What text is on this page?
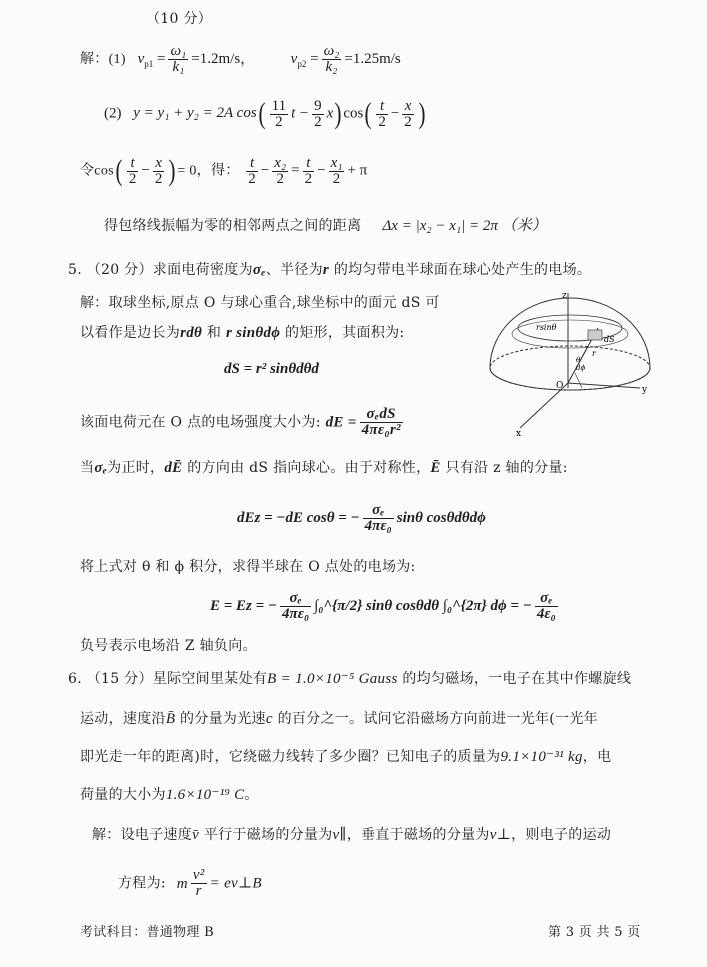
（10 分）
解：(1) $v_{p1} = \frac{\text{ω₁}}{\text{k₁}} =1.2m/s$， $v_{p2} = \frac{\text{ω₂}}{\text{k₂}} =1.25m/s$
(2) y = y₁ + y₂ = 2A $\cos( \frac{11}{2}$ $t - \frac{9}{2} x$) $\cos( \frac{t}{2} - \frac{x}{2}$ )
令$\cos( \frac{t}{2} - \frac{x}{2}$ ) = 0，得： $\frac{t}{2} - \frac{\text{x₂}}{2} = \frac{t}{2} - \frac{\text{x₁}}{2} + \pi$
得包络线振幅为零的相邻两点之间的距离 Δx = |x₂ − x₁| = 2π （米）
5. （20 分）求面电荷密度为σₑ、半径为r 的均匀带电半球面在球心处产生的电场。
解：取球坐标,原点 O 与球心重合,球坐标中的面元 dS 可
以看作是边长为rdθ 和 r sinθdϕ 的矩形，其面积为:
dS = r² sinθdθd
该面电荷元在 O 点的电场强度大小为: dE = $\frac{\text{σₑdS}}{\text{4πε₀r²}}$
z
y
x
O
rsinθ
dS
r
dϕ
θ
当σₑ为正时，dĒ 的方向由 dS 指向球心。由于对称性，Ē 只有沿 z 轴的分量:
dEz = −dE cosθ = − $\frac{\text{σₑ}}{\text{4πε₀}}$ sinθ cosθdθdϕ
将上式对 θ 和 ϕ 积分，求得半球在 O 点处的电场为:
E = Ez = − $\frac{\text{σₑ}}{\text{4πε₀}}$ ∫₀^{π/2} sinθ cosθdθ ∫₀^{2π} dϕ = − $\frac{\text{σₑ}}{\text{4ε₀}}$
负号表示电场沿 Z 轴负向。
6. （15 分）星际空间里某处有B = 1.0×10⁻⁵ Gauss 的均匀磁场，一电子在其中作螺旋线
运动，速度沿B̄ 的分量为光速c 的百分之一。试问它沿磁场方向前进一光年(一光年
即光走一年的距离)时，它绕磁力线转了多少圈？已知电子的质量为9.1×10⁻³¹ kg，电
荷量的大小为1.6×10⁻¹⁹ C。
解：设电子速度v̄ 平行于磁场的分量为v∥，垂直于磁场的分量为v⊥，则电子的运动
方程为: m $\frac{\text{v²}}{r}$ = ev⊥B
考试科目：普通物理 B	第 3 页 共 5 页
